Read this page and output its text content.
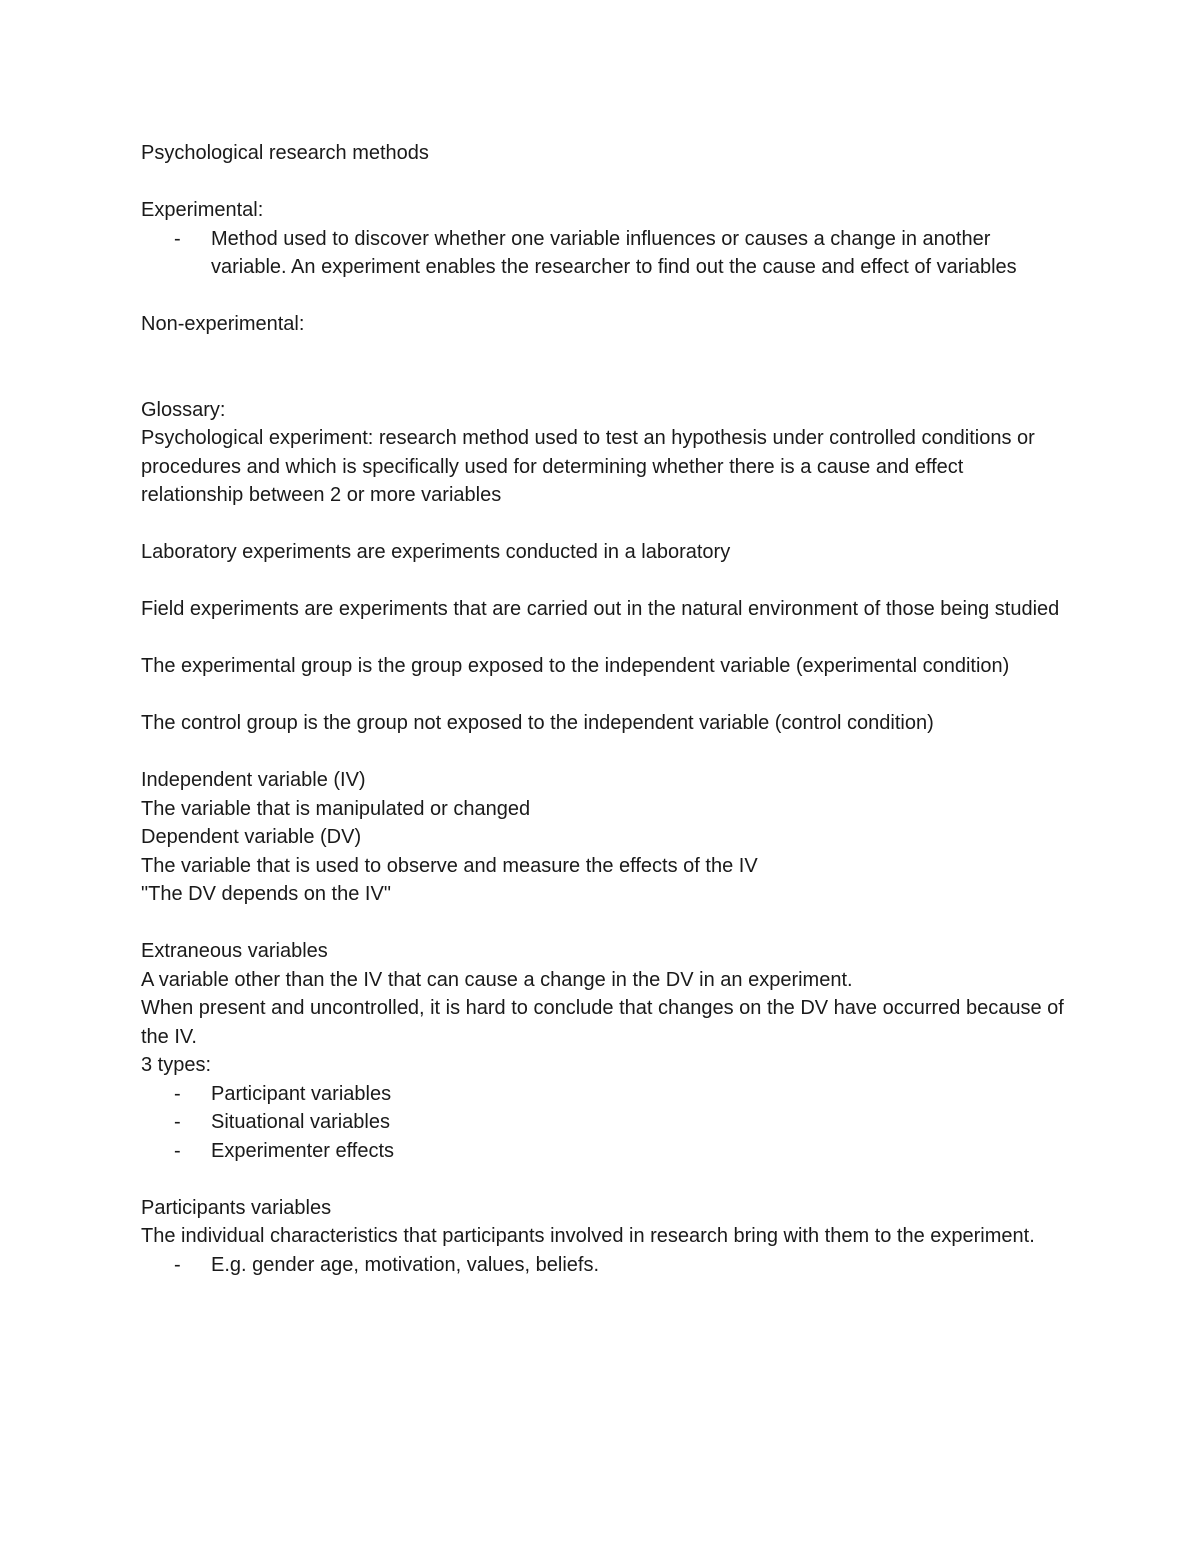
Psychological research methods
Experimental:
- Method used to discover whether one variable influences or causes a change in another variable. An experiment enables the researcher to find out the cause and effect of variables
Non-experimental:
Glossary:
Psychological experiment: research method used to test an hypothesis under controlled conditions or procedures and which is specifically used for determining whether there is a cause and effect relationship between 2 or more variables
Laboratory experiments are experiments conducted in a laboratory
Field experiments are experiments that are carried out in the natural environment of those being studied
The experimental group is the group exposed to the independent variable (experimental condition)
The control group is the group not exposed to the independent variable (control condition)
Independent variable (IV)
The variable that is manipulated or changed
Dependent variable (DV)
The variable that is used to observe and measure the effects of the IV
"The DV depends on the IV"
Extraneous variables
A variable other than the IV that can cause a change in the DV in an experiment.
When present and uncontrolled, it is hard to conclude that changes on the DV have occurred because of the IV.
3 types:
- Participant variables
- Situational variables
- Experimenter effects
Participants variables
The individual characteristics that participants involved in research bring with them to the experiment.
- E.g. gender age, motivation, values, beliefs.
